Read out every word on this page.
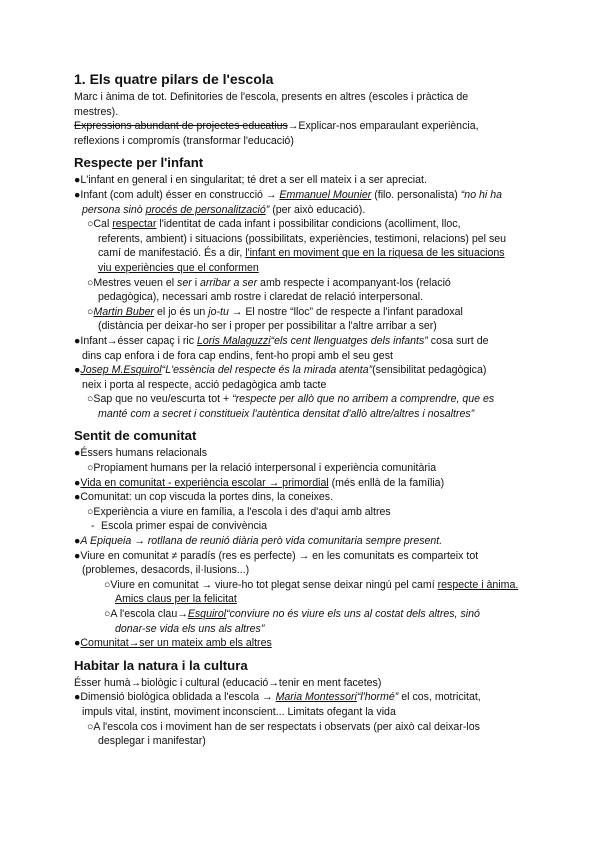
1. Els quatre pilars de l'escola
Marc i ànima de tot. Definitories de l'escola, presents en altres (escoles i pràctica de
mestres).
Expressions abundant de projectes educatius→Explicar-nos emparaulant experiència,
reflexions i compromís (transformar l'educació)
Respecte per l'infant
●L'infant en general i en singularitat; té dret a ser ell mateix i a ser apreciat.
●Infant (com adult) ésser en construcció → Emmanuel Mounier (filo. personalista) “no hi ha
persona sinò procés de personalització” (per això educació).
○Cal respectar l'identitat de cada infant i possibilitar condicions (acolliment, lloc,
referents, ambient) i situacions (possibilitats, experiències, testimoni, relacions) pel seu
camí de manifestació. És a dir, l'infant en moviment que en la riquesa de les situacions
viu experiències que el conformen
○Mestres veuen el ser i arribar a ser amb respecte i acompanyant-los (relació
pedagògica), necessari amb rostre i claredat de relació interpersonal.
○Martin Buber el jo és un jo-tu → El nostre “lloc” de respecte a l'infant paradoxal
(distància per deixar-ho ser i proper per possibilitar a l'altre arribar a ser)
●Infant→ésser capaç i ric Loris Malaguzzi“els cent llenguatges dels infants” cosa surt de
dins cap enfora i de fora cap endins, fent-ho propi amb el seu gest
●Josep M.Esquirol“L'essència del respecte és la mirada atenta”(sensibilitat pedagògica)
neix i porta al respecte, acció pedagògica amb tacte
○Sap que no veu/escurta tot + “respecte per allò que no arribem a comprendre, que es
manté com a secret i constitueix l'autèntica densitat d'allò altre/altres i nosaltres”
Sentit de comunitat
●Éssers humans relacionals
○Propiament humans per la relació interpersonal i experiència comunitària
●Vida en comunitat - experiència escolar → primordial (més enllà de la família)
●Comunitat: un cop viscuda la portes dins, la coneixes.
○Experiència a viure en família, a l'escola i des d'aqui amb altres
- Escola primer espai de convivència
●A Epiqueia → rotllana de reunió diària però vida comunitaria sempre present.
●Viure en comunitat ≠ paradís (res es perfecte) → en les comunitats es comparteix tot
(problemes, desacords, il·lusions...)
○Viure en comunitat → viure-ho tot plegat sense deixar ningú pel camí respecte i ànima.
Amics claus per la felicitat
○A l'escola clau→Esquirol“conviure no és viure els uns al costat dels altres, sinó
donar-se vida els uns als altres”
●Comunitat→ser un mateix amb els altres
Habitar la natura i la cultura
Ésser humà→biològic i cultural (educació→tenir en ment facetes)
●Dimensió biològica oblidada a l'escola → Maria Montessori“l'hormé” el cos, motricitat,
impuls vital, instint, moviment inconscient... Limitats ofegant la vida
○A l'escola cos i moviment han de ser respectats i observats (per això cal deixar-los
desplegar i manifestar)
